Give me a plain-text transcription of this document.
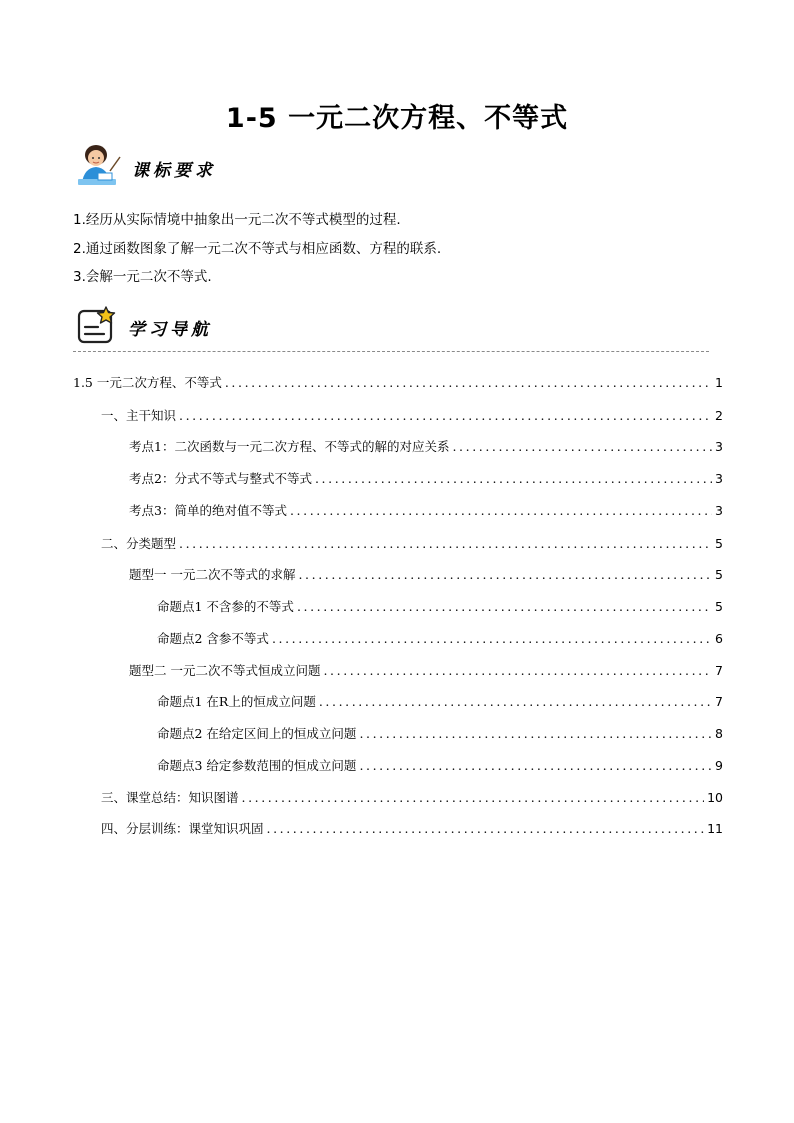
1-5 一元二次方程、不等式
课标要求
1.经历从实际情境中抽象出一元二次不等式模型的过程.
2.通过函数图象了解一元二次不等式与相应函数、方程的联系.
3.会解一元二次不等式.
学习导航
1.5 一元二次方程、不等式 .....	1
一、主干知识 .....	2
考点1：二次函数与一元二次方程、不等式的解的对应关系 .....	3
考点2：分式不等式与整式不等式 .....	3
考点3：简单的绝对值不等式 .....	3
二、分类题型 .....	5
题型一 一元二次不等式的求解 .....	5
命题点1 不含参的不等式 .....	5
命题点2 含参不等式 .....	6
题型二 一元二次不等式恒成立问题 .....	7
命题点1 在R上的恒成立问题 .....	7
命题点2 在给定区间上的恒成立问题 .....	8
命题点3 给定参数范围的恒成立问题 .....	9
三、课堂总结：知识图谱 .....	10
四、分层训练：课堂知识巩固 .....	11
